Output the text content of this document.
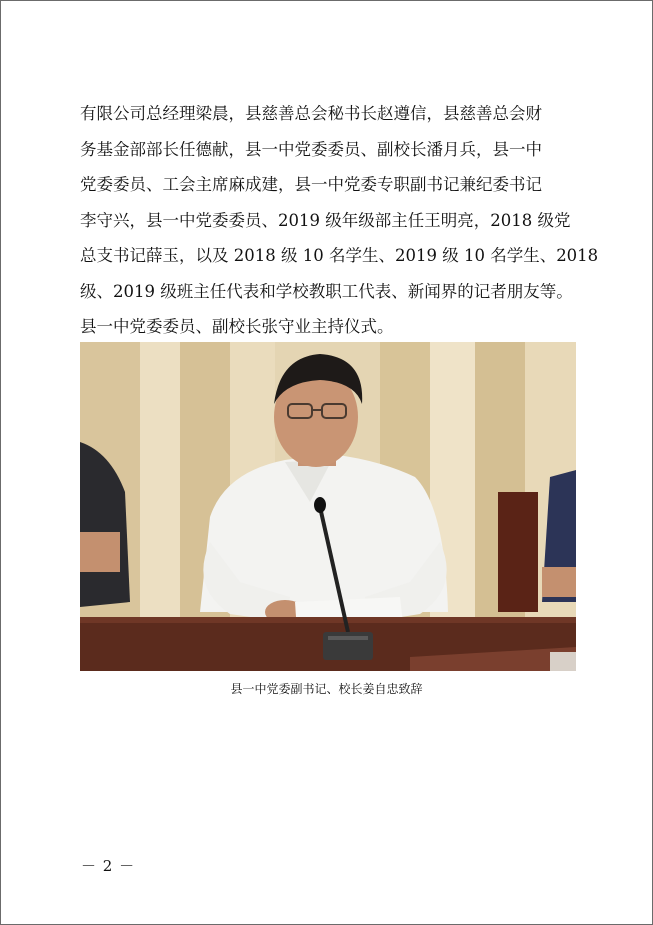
有限公司总经理梁晨，县慈善总会秘书长赵遵信，县慈善总会财
务基金部部长任德献，县一中党委委员、副校长潘月兵，县一中
党委委员、工会主席麻成建，县一中党委专职副书记兼纪委书记
李守兴，县一中党委委员、2019 级年级部主任王明亮，2018 级党
总支书记薛玉，以及 2018 级 10 名学生、2019 级 10 名学生、2018
级、2019 级班主任代表和学校教职工代表、新闻界的记者朋友等。
县一中党委委员、副校长张守业主持仪式。
县一中党委副书记、校长姜自忠致辞
－ 2 －
